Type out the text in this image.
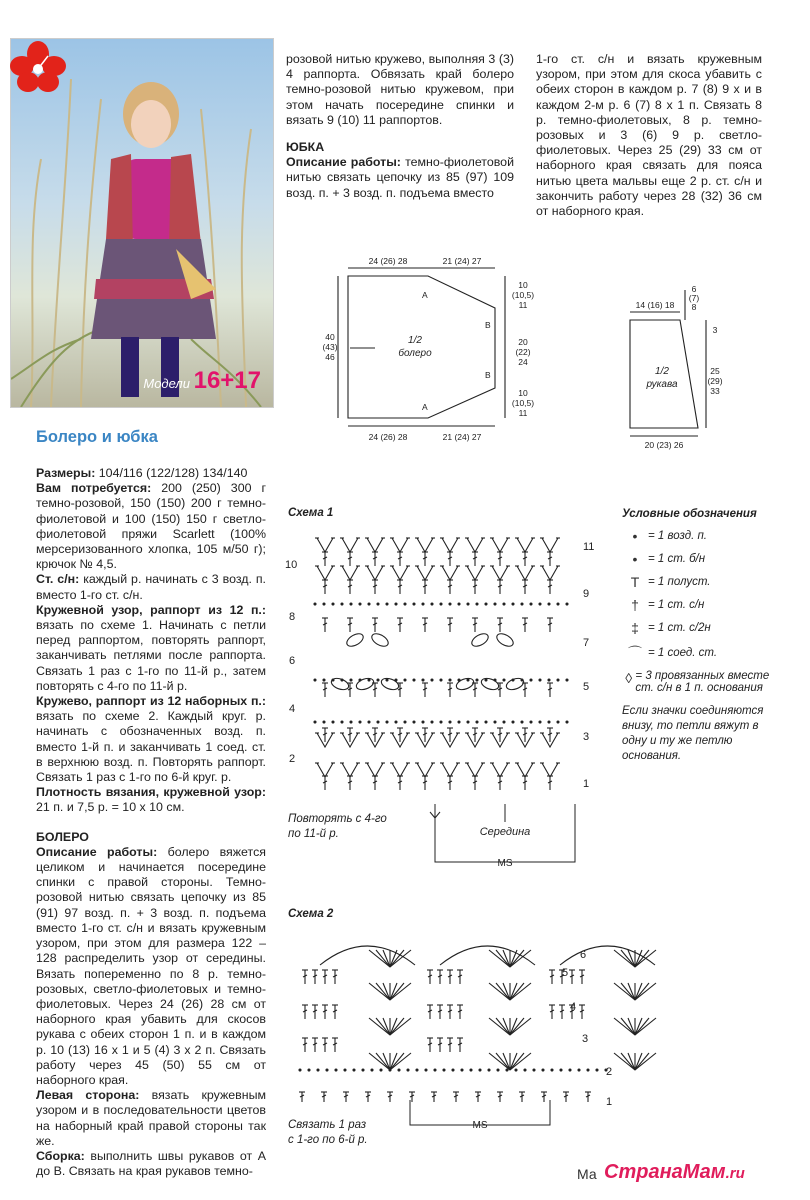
Модели 16+17
Болеро и юбка

Размеры: 104/116 (122/128) 134/140

Вам потребуется: 200 (250) 300 г темно-розовой, 150 (150) 200 г темно-фиолетовой и 100 (150) 150 г светло-фиолетовой пряжи Scarlett (100% мерсеризованного хлопка, 105 м/50 г); крючок № 4,5.

Ст. с/н: каждый р. начинать с 3 возд. п. вместо 1-го ст. с/н.

Кружевной узор, раппорт из 12 п.: вязать по схеме 1. Начинать с петли перед раппортом, повторять раппорт, заканчивать петлями после раппорта. Связать 1 раз с 1-го по 11-й р., затем повторять с 4-го по 11-й р.

Кружево, раппорт из 12 наборных п.: вязать по схеме 2. Каждый круг. р. начинать с обозначенных возд. п. вместо 1-й п. и заканчивать 1 соед. ст. в верхнюю возд. п. Повторять раппорт. Связать 1 раз с 1-го по 6-й круг. р.

Плотность вязания, кружевной узор: 21 п. и 7,5 р. = 10 х 10 см.

БОЛЕРО

Описание работы: болеро вяжется целиком и начинается посередине спинки с правой стороны. Темно-розовой нитью связать цепочку из 85 (91) 97 возд. п. + 3 возд. п. подъема вместо 1-го ст. с/н и вязать кружевным узором, при этом для размера 122 – 128 распределить узор от середины. Вязать попеременно по 8 р. темно-розовых, светло-фиолетовых и темно-фиолетовых. Через 24 (26) 28 см от наборного края убавить для скосов рукава с обеих сторон 1 п. и в каждом р. 10 (13) 16 х 1 и 5 (4) 3 х 2 п. Связать работу через 45 (50) 55 см от наборного края.

Левая сторона: вязать кружевным узором и в последовательности цветов на наборный край правой стороны так же.

Сборка: выполнить швы рукавов от А до В. Связать на края рукавов темно-

розовой нитью кружево, выполняя 3 (3) 4 раппорта. Обвязать край болеро темно-розовой нитью кружевом, при этом начать посередине спинки и вязать 9 (10) 11 раппортов.

ЮБКА

Описание работы: темно-фиолетовой нитью связать цепочку из 85 (97) 109 возд. п. + 3 возд. п. подъема вместо

1-го ст. с/н и вязать кружевным узором, при этом для скоса убавить с обеих сторон в каждом р. 7 (8) 9 х и в каждом 2-м р. 6 (7) 8 х 1 п. Связать 8 р. темно-фиолетовых, 8 р. темно-розовых и 3 (6) 9 р. светло-фиолетовых. Через 25 (29) 33 см от наборного края связать для пояса нитью цвета мальвы еще 2 р. ст. с/н и закончить работу через 28 (32) 36 см от наборного края.

24 (26) 28	21 (24) 27
24 (26) 28	21 (24) 27
40
(43)
46
10
(10,5)
11
20
(22)
24
10
(10,5)
11
1/2
болеро
A
A
B
B
14 (16) 18
6
(7)
8
3
25
(29)
33
20 (23) 26
1/2
рукава
Схема 1
10
8
6
4
2
11
9
7
5
3
1
Середина
MS
Повторять с 4-го
по 11-й р.
Условные обозначения
• = 1 возд. п.
• = 1 ст. б/н
Т = 1 полуст.
† = 1 ст. с/н
‡ = 1 ст. с/2н
⌒ = 1 соед. ст.
◊ = 3 провязанных вместе ст. с/н в 1 п. основания
Если значки соединяются внизу, то петли вяжут в одну и ту же петлю основания.
Схема 2
6
5
4
3
2
1
MS
Связать 1 раз
с 1-го по 6-й р.
Ма СтранаМам.ru
